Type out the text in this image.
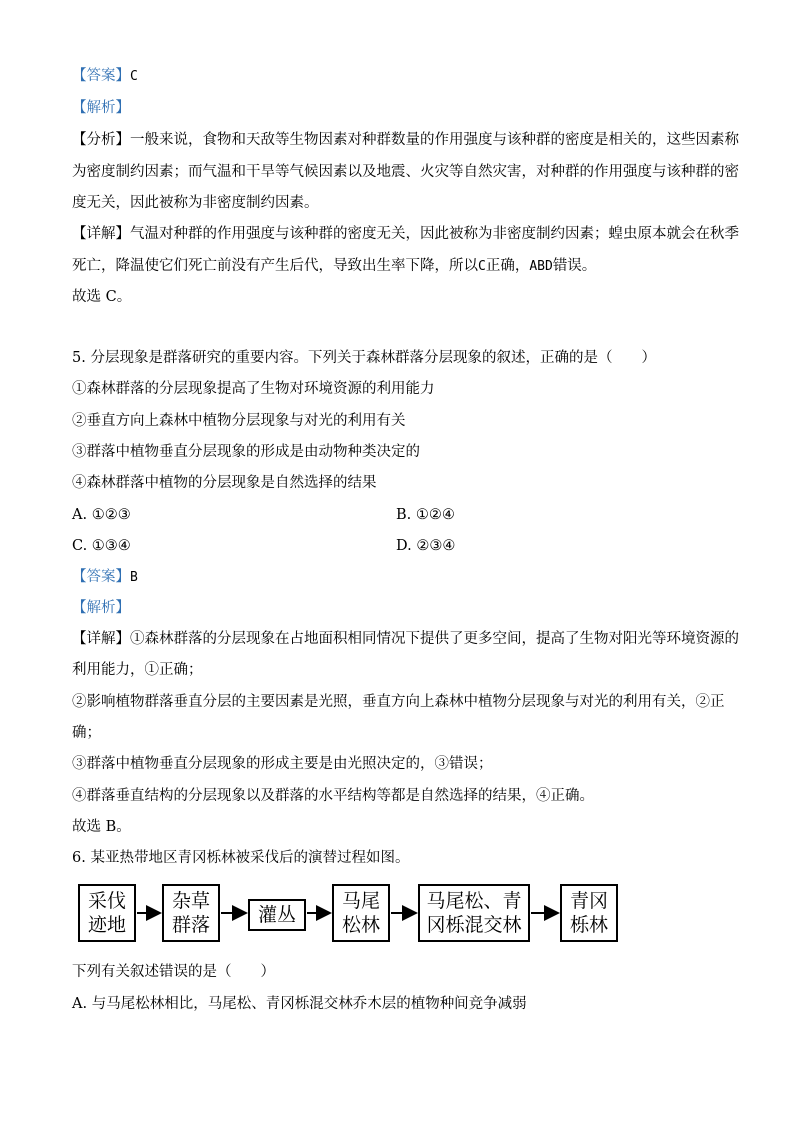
【答案】C
【解析】
【分析】一般来说，食物和天敌等生物因素对种群数量的作用强度与该种群的密度是相关的，这些因素称
为密度制约因素；而气温和干旱等气候因素以及地震、火灾等自然灾害，对种群的作用强度与该种群的密
度无关，因此被称为非密度制约因素。
【详解】气温对种群的作用强度与该种群的密度无关，因此被称为非密度制约因素；蝗虫原本就会在秋季
死亡，降温使它们死亡前没有产生后代，导致出生率下降，所以C正确，ABD错误。
故选 C。
5. 分层现象是群落研究的重要内容。下列关于森林群落分层现象的叙述，正确的是（　　）
①森林群落的分层现象提高了生物对环境资源的利用能力
②垂直方向上森林中植物分层现象与对光的利用有关
③群落中植物垂直分层现象的形成是由动物种类决定的
④森林群落中植物的分层现象是自然选择的结果
A. ①②③	B. ①②④
C. ①③④	D. ②③④
【答案】B
【解析】
【详解】①森林群落的分层现象在占地面积相同情况下提供了更多空间，提高了生物对阳光等环境资源的
利用能力，①正确；
②影响植物群落垂直分层的主要因素是光照，垂直方向上森林中植物分层现象与对光的利用有关，②正
确；
③群落中植物垂直分层现象的形成主要是由光照决定的，③错误；
④群落垂直结构的分层现象以及群落的水平结构等都是自然选择的结果，④正确。
故选 B。
6. 某亚热带地区青冈栎林被采伐后的演替过程如图。
采伐
迹地
杂草
群落	灌丛
马尾
松林
马尾松、青
冈栎混交林
青冈
栎林
下列有关叙述错误的是（　　）
A. 与马尾松林相比，马尾松、青冈栎混交林乔木层的植物种间竞争减弱
